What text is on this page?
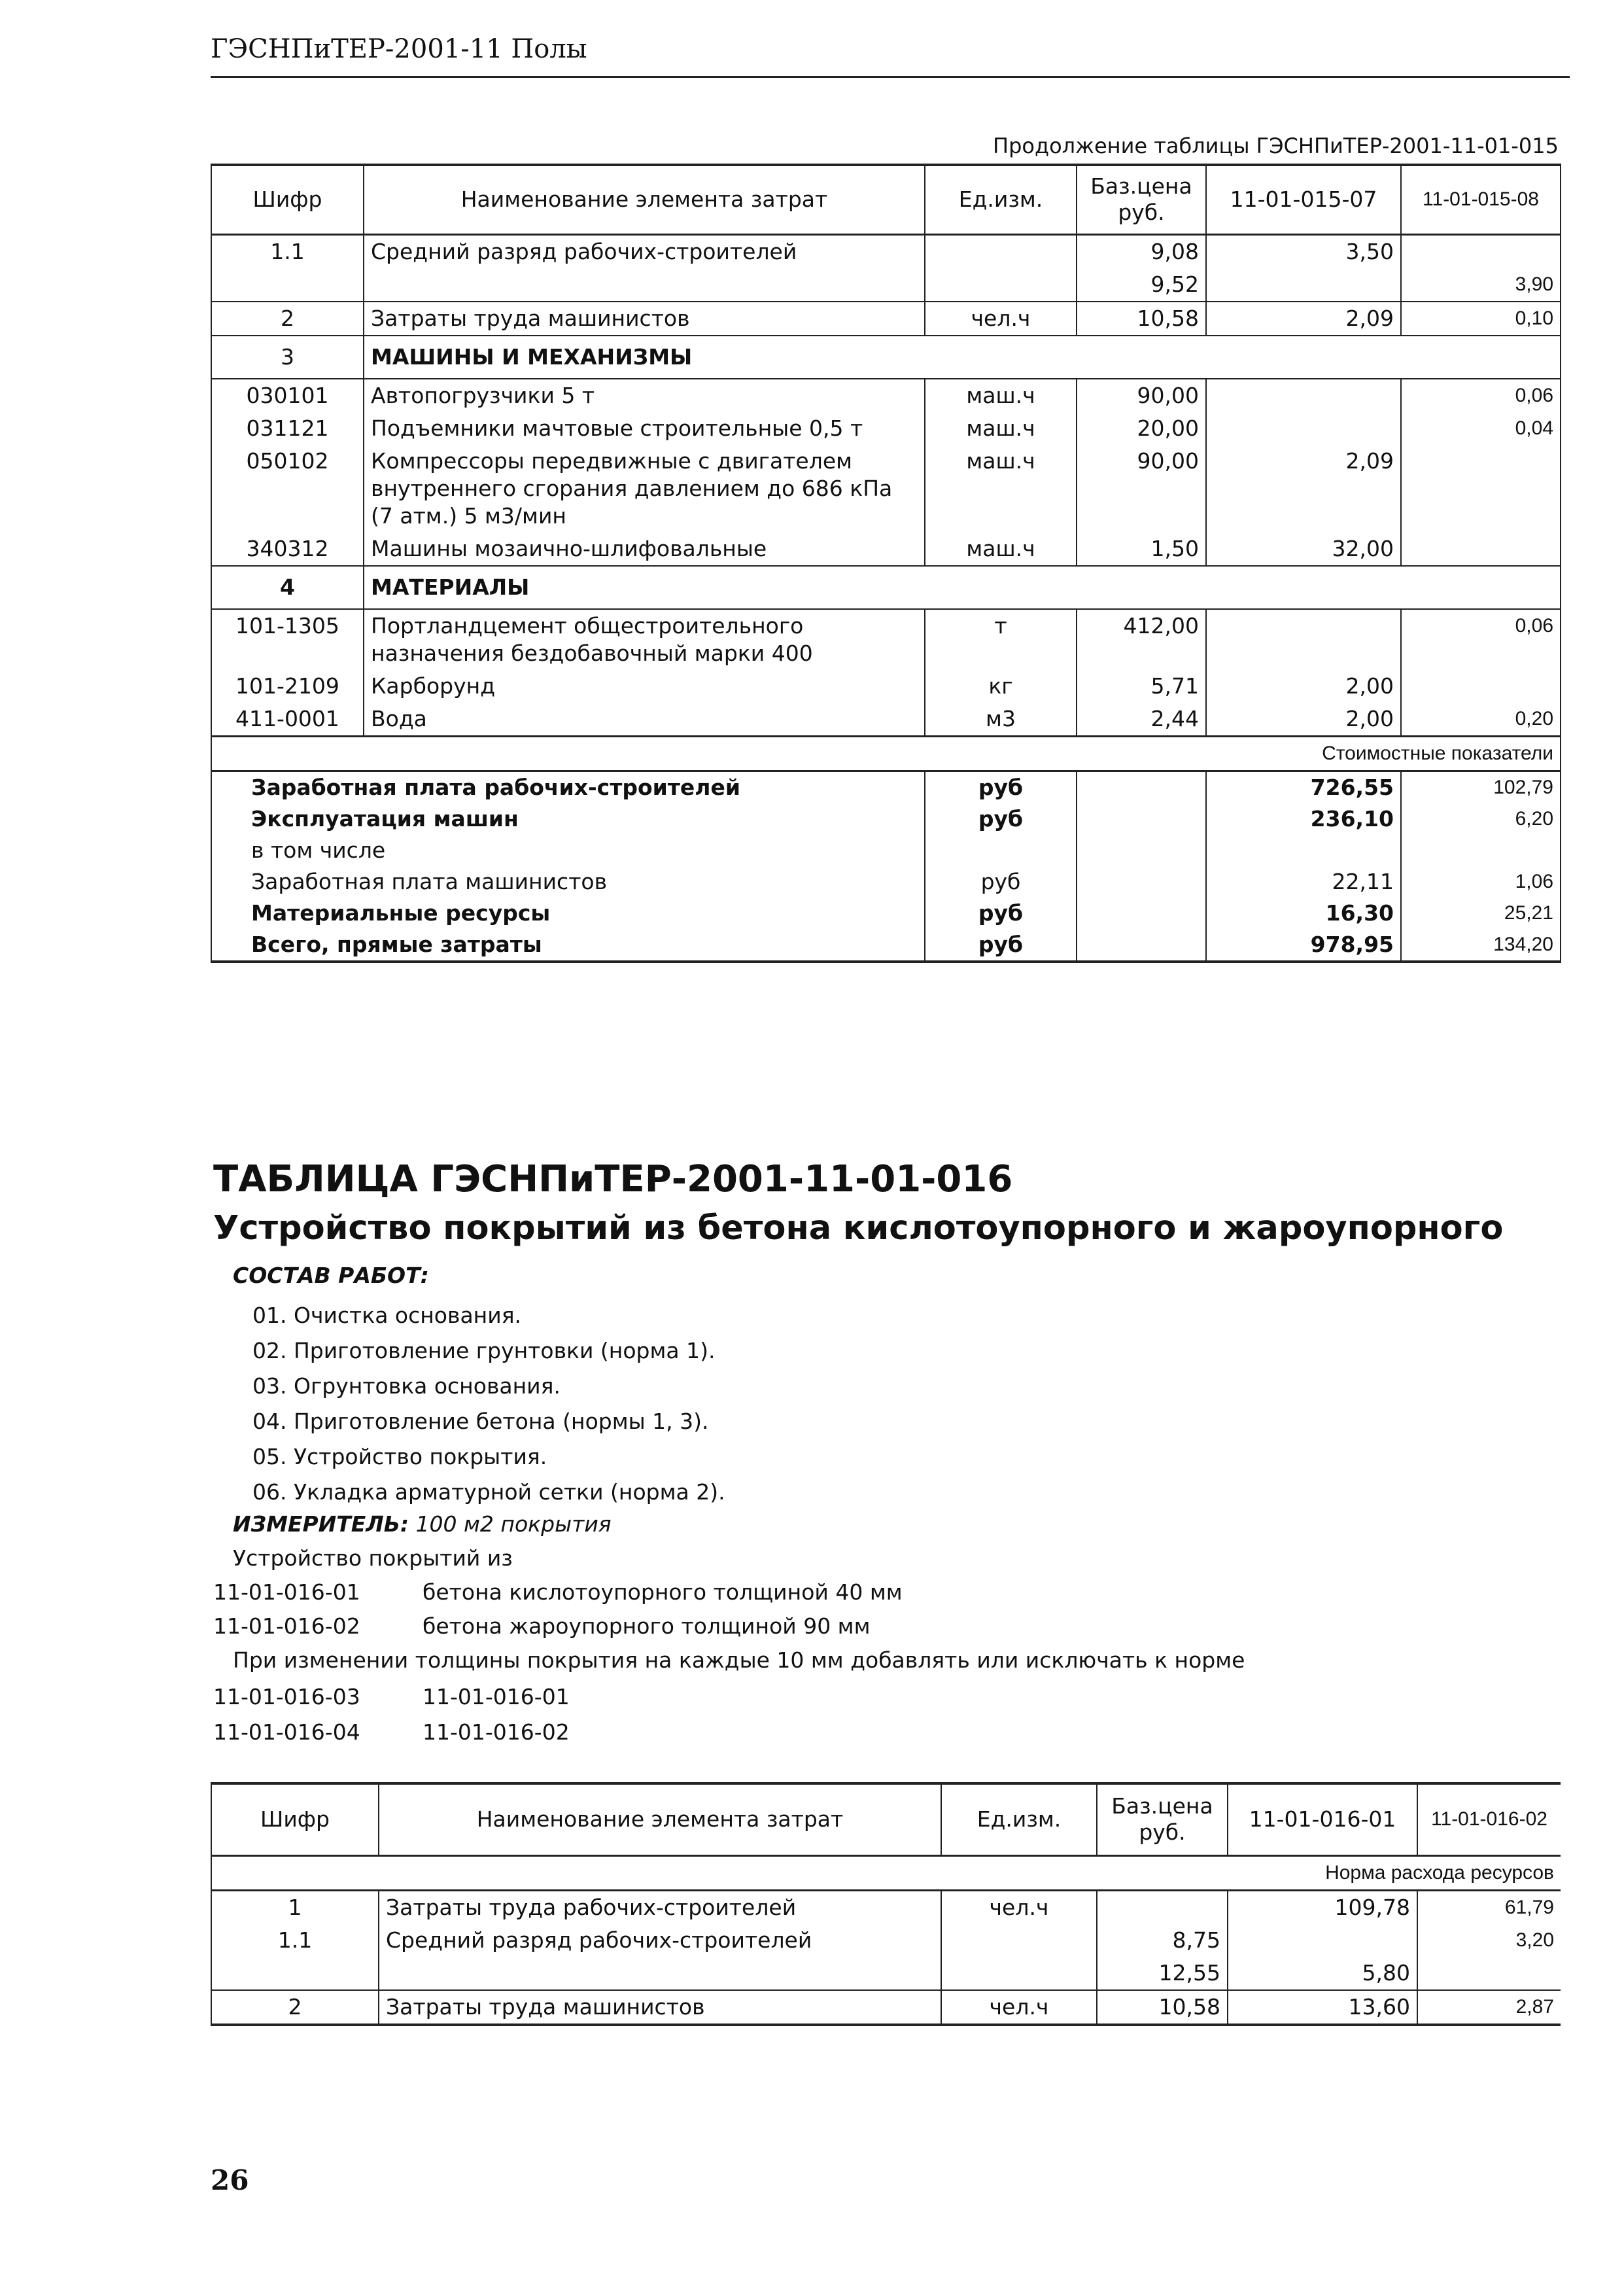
ГЭСНПиТЕР-2001-11 Полы
Продолжение таблицы ГЭСНПиТЕР-2001-11-01-015
Шифр	Наименование элемента затрат	Ед.изм.	Баз.цена руб.	11-01-015-07	11-01-015-08
1.1	Средний разряд рабочих-строителей		9,08	3,50	
			9,52		3,90
2	Затраты труда машинистов	чел.ч	10,58	2,09	0,10
3	МАШИНЫ И МЕХАНИЗМЫ				
030101	Автопогрузчики 5 т	маш.ч	90,00		0,06
031121	Подъемники мачтовые строительные 0,5 т	маш.ч	20,00		0,04
050102	Компрессоры передвижные с двигателем внутреннего сгорания давлением до 686 кПа (7 атм.) 5 м3/мин	маш.ч	90,00	2,09	
340312	Машины мозаично-шлифовальные	маш.ч	1,50	32,00	
4	МАТЕРИАЛЫ				
101-1305	Портландцемент общестроительного назначения бездобавочный марки 400	т	412,00		0,06
101-2109	Карборунд	кг	5,71	2,00	
411-0001	Вода	м3	2,44	2,00	0,20
Стоимостные показатели					
Заработная плата рабочих-строителей		руб		726,55	102,79
Эксплуатация машин		руб		236,10	6,20
в том числе					
Заработная плата машинистов		руб		22,11	1,06
Материальные ресурсы		руб		16,30	25,21
Всего, прямые затраты		руб		978,95	134,20
ТАБЛИЦА ГЭСНПиТЕР-2001-11-01-016
Устройство покрытий из бетона кислотоупорного и жароупорного
СОСТАВ РАБОТ:
01. Очистка основания.
02. Приготовление грунтовки (норма 1).
03. Огрунтовка основания.
04. Приготовление бетона (нормы 1, 3).
05. Устройство покрытия.
06. Укладка арматурной сетки (норма 2).
ИЗМЕРИТЕЛЬ: 100 м2 покрытия
Устройство покрытий из
11-01-016-01	бетона кислотоупорного толщиной 40 мм
11-01-016-02	бетона жароупорного толщиной 90 мм
При изменении толщины покрытия на каждые 10 мм добавлять или исключать к норме
11-01-016-03	11-01-016-01
11-01-016-04	11-01-016-02
Шифр	Наименование элемента затрат	Ед.изм.	Баз.цена руб.	11-01-016-01	11-01-016-02
Норма расхода ресурсов					
1	Затраты труда рабочих-строителей	чел.ч		109,78	61,79
1.1	Средний разряд рабочих-строителей		8,75		3,20
			12,55	5,80	
2	Затраты труда машинистов	чел.ч	10,58	13,60	2,87
26
